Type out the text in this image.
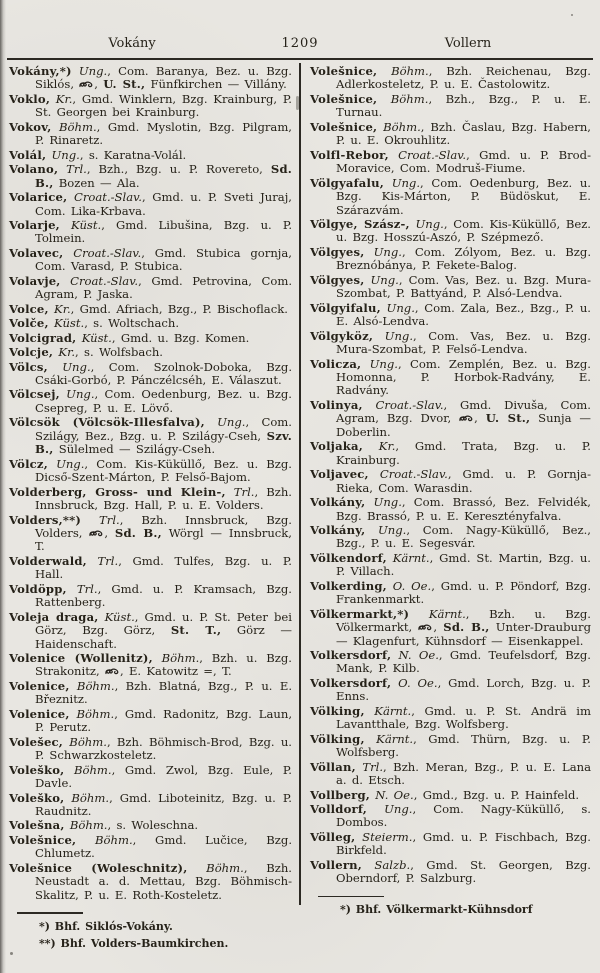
Vokány	1209	Vollern

Vokány,*) Ung., Com. Baranya, Bez. u. Bzg. Siklós, , U. St., Fünfkirchen — Villány.

Voklo, Kr., Gmd. Winklern, Bzg. Krainburg, P. St. Georgen bei Krainburg.

Vokov, Böhm., Gmd. Myslotin, Bzg. Pilgram, P. Rinaretz.

Volál, Ung., s. Karatna-Volál.

Volano, Trl., Bzh., Bzg. u. P. Rovereto, Sd. B., Bozen — Ala.

Volarice, Croat.-Slav., Gmd. u. P. Sveti Juraj, Com. Lika-Krbava.

Volarje, Küst., Gmd. Libušina, Bzg. u. P. Tolmein.

Volavec, Croat.-Slav., Gmd. Stubica gornja, Com. Varasd, P. Stubica.

Volavje, Croat.-Slav., Gmd. Petrovina, Com. Agram, P. Jaska.

Volce, Kr., Gmd. Afriach, Bzg., P. Bischoflack.

Volče, Küst., s. Woltschach.

Volcigrad, Küst., Gmd. u. Bzg. Komen.

Volcje, Kr., s. Wolfsbach.

Völcs, Ung., Com. Szolnok-Doboka, Bzg. Csáki-Gorbó, P. Pánczélcséh, E. Válaszut.

Völcsej, Ung., Com. Oedenburg, Bez. u. Bzg. Csepreg, P. u. E. Lövő.

Völcsök (Völcsök-Illesfalva), Ung., Com. Szilágy, Bez., Bzg. u. P. Szilágy-Cseh, Szv. B., Sülelmed — Szilágy-Cseh.

Völcz, Ung., Com. Kis-Küküllő, Bez. u. Bzg. Dicső-Szent-Márton, P. Felső-Bajom.

Volderberg, Gross- und Klein-, Trl., Bzh. Innsbruck, Bzg. Hall, P. u. E. Volders.

Volders,**) Trl., Bzh. Innsbruck, Bzg. Volders, , Sd. B., Wörgl — Innsbruck, T.

Volderwald, Trl., Gmd. Tulfes, Bzg. u. P. Hall.

Voldöpp, Trl., Gmd. u. P. Kramsach, Bzg. Rattenberg.

Voleja draga, Küst., Gmd. u. P. St. Peter bei Görz, Bzg. Görz, St. T., Görz — Haidenschaft.

Volenice (Wollenitz), Böhm., Bzh. u. Bzg. Strakonitz, , E. Katowitz =, T.

Volenice, Böhm., Bzh. Blatná, Bzg., P. u. E. Březnitz.

Volenice, Böhm., Gmd. Radonitz, Bzg. Laun, P. Perutz.

Volešec, Böhm., Bzh. Böhmisch-Brod, Bzg. u. P. Schwarzkosteletz.

Voleško, Böhm., Gmd. Zwol, Bzg. Eule, P. Davle.

Voleško, Böhm., Gmd. Liboteinitz, Bzg. u. P. Raudnitz.

Volešna, Böhm., s. Woleschna.

Volešnice, Böhm., Gmd. Lučice, Bzg. Chlumetz.

Volešnice (Woleschnitz), Böhm., Bzh. Neustadt a. d. Mettau, Bzg. Böhmisch-Skalitz, P. u. E. Roth-Kosteletz.

*) Bhf. Siklós-Vokány.

**) Bhf. Volders-Baumkirchen.

Volešnice, Böhm., Bzh. Reichenau, Bzg. Adlerkosteletz, P. u. E. Častolowitz.

Volešnice, Böhm., Bzh., Bzg., P. u. E. Turnau.

Volešnice, Böhm., Bzh. Časlau, Bzg. Habern, P. u. E. Okrouhlitz.

Volfl-Rebor, Croat.-Slav., Gmd. u. P. Brod-Moravice, Com. Modruš-Fiume.

Völgyafalu, Ung., Com. Oedenburg, Bez. u. Bzg. Kis-Márton, P. Büdöskut, E. Szárazvám.

Völgye, Szász-, Ung., Com. Kis-Küküllő, Bez. u. Bzg. Hosszú-Aszó, P. Szépmező.

Völgyes, Ung., Com. Zólyom, Bez. u. Bzg. Breznóbánya, P. Fekete-Balog.

Völgyes, Ung., Com. Vas, Bez. u. Bzg. Mura-Szombat, P. Battyánd, P. Alsó-Lendva.

Völgyifalu, Ung., Com. Zala, Bez., Bzg., P. u. E. Alsó-Lendva.

Völgyköz, Ung., Com. Vas, Bez. u. Bzg. Mura-Szombat, P. Felső-Lendva.

Volicza, Ung., Com. Zemplén, Bez. u. Bzg. Homonna, P. Horbok-Radvány, E. Radvány.

Volinya, Croat.-Slav., Gmd. Divuša, Com. Agram, Bzg. Dvor, , U. St., Sunja — Doberlin.

Voljaka, Kr., Gmd. Trata, Bzg. u. P. Krainburg.

Voljavec, Croat.-Slav., Gmd. u. P. Gornja-Rieka, Com. Warasdin.

Volkány, Ung., Com. Brassó, Bez. Felvidék, Bzg. Brassó, P. u. E. Keresztényfalva.

Volkány, Ung., Com. Nagy-Küküllő, Bez., Bzg., P. u. E. Segesvár.

Völkendorf, Kärnt., Gmd. St. Martin, Bzg. u. P. Villach.

Volkerding, O. Oe., Gmd. u. P. Pöndorf, Bzg. Frankenmarkt.

Völkermarkt,*) Kärnt., Bzh. u. Bzg. Völkermarkt, , Sd. B., Unter-Drauburg — Klagenfurt, Kühnsdorf — Eisenkappel.

Volkersdorf, N. Oe., Gmd. Teufelsdorf, Bzg. Mank, P. Kilb.

Volkersdorf, O. Oe., Gmd. Lorch, Bzg. u. P. Enns.

Völking, Kärnt., Gmd. u. P. St. Andrä im Lavantthale, Bzg. Wolfsberg.

Völking, Kärnt., Gmd. Thürn, Bzg. u. P. Wolfsberg.

Völlan, Trl., Bzh. Meran, Bzg., P. u. E. Lana a. d. Etsch.

Vollberg, N. Oe., Gmd., Bzg. u. P. Hainfeld.

Volldorf, Ung., Com. Nagy-Küküllő, s. Dombos.

Völleg, Steierm., Gmd. u. P. Fischbach, Bzg. Birkfeld.

Vollern, Salzb., Gmd. St. Georgen, Bzg. Oberndorf, P. Salzburg.

*) Bhf. Völkermarkt-Kühnsdorf
